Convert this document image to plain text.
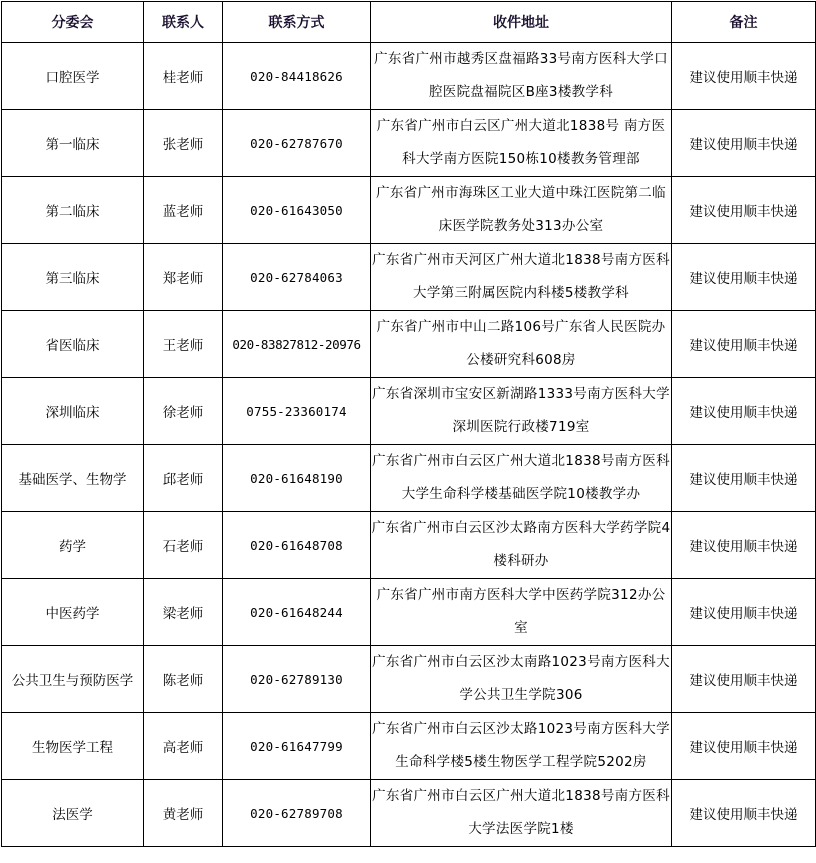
分委会	联系人	联系方式	收件地址	备注
口腔医学	桂老师	020-84418626	广东省广州市越秀区盘福路33号南方医科大学口腔医院盘福院区B座3楼教学科	建议使用顺丰快递
第一临床	张老师	020-62787670	广东省广州市白云区广州大道北1838号 南方医科大学南方医院150栋10楼教务管理部	建议使用顺丰快递
第二临床	蓝老师	020-61643050	广东省广州市海珠区工业大道中珠江医院第二临床医学院教务处313办公室	建议使用顺丰快递
第三临床	郑老师	020-62784063	广东省广州市天河区广州大道北1838号南方医科大学第三附属医院内科楼5楼教学科	建议使用顺丰快递
省医临床	王老师	020-83827812-20976	广东省广州市中山二路106号广东省人民医院办公楼研究科608房	建议使用顺丰快递
深圳临床	徐老师	0755-23360174	广东省深圳市宝安区新湖路1333号南方医科大学深圳医院行政楼719室	建议使用顺丰快递
基础医学、生物学	邱老师	020-61648190	广东省广州市白云区广州大道北1838号南方医科大学生命科学楼基础医学院10楼教学办	建议使用顺丰快递
药学	石老师	020-61648708	广东省广州市白云区沙太路南方医科大学药学院4楼科研办	建议使用顺丰快递
中医药学	梁老师	020-61648244	广东省广州市南方医科大学中医药学院312办公室	建议使用顺丰快递
公共卫生与预防医学	陈老师	020-62789130	广东省广州市白云区沙太南路1023号南方医科大学公共卫生学院306	建议使用顺丰快递
生物医学工程	高老师	020-61647799	广东省广州市白云区沙太路1023号南方医科大学生命科学楼5楼生物医学工程学院5202房	建议使用顺丰快递
法医学	黄老师	020-62789708	广东省广州市白云区广州大道北1838号南方医科大学法医学院1楼	建议使用顺丰快递
